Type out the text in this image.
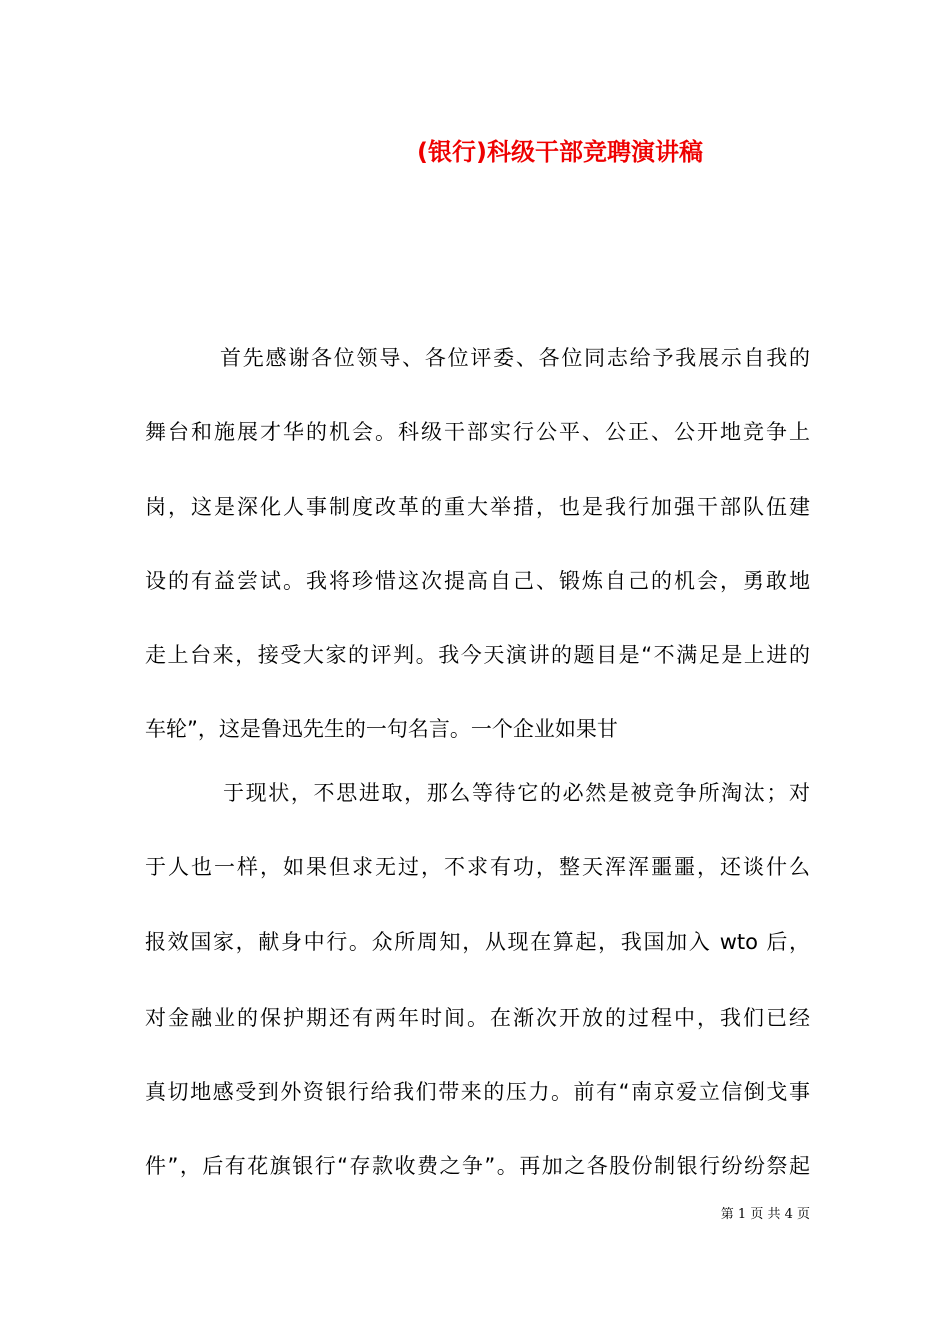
(银行)科级干部竞聘演讲稿
首先感谢各位领导、各位评委、各位同志给予我展示自我的
舞台和施展才华的机会。科级干部实行公平、公正、公开地竞争上
岗，这是深化人事制度改革的重大举措，也是我行加强干部队伍建
设的有益尝试。我将珍惜这次提高自己、锻炼自己的机会，勇敢地
走上台来，接受大家的评判。我今天演讲的题目是“不满足是上进的
车轮”，这是鲁迅先生的一句名言。一个企业如果甘
于现状，不思进取，那么等待它的必然是被竞争所淘汰；对
于人也一样，如果但求无过，不求有功，整天浑浑噩噩，还谈什么
报效国家，献身中行。众所周知，从现在算起，我国加入 wto 后，
对金融业的保护期还有两年时间。在渐次开放的过程中，我们已经
真切地感受到外资银行给我们带来的压力。前有“南京爱立信倒戈事
件”，后有花旗银行“存款收费之争”。再加之各股份制银行纷纷祭起
第 1 页 共 4 页
